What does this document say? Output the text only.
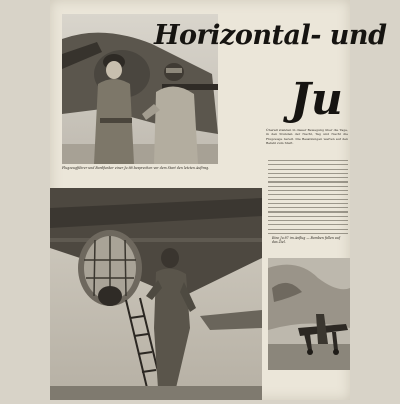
Flugzeugführer und Bordfunker einer Ju 88 besprechen vor dem Start den letzten Auftrag.
Horizontal- und
Ju
Überall standen in dieser Bewegung über die Tage, in den Stunden der Nacht, Tag und Nacht die Flugzeuge bereit. Die Besatzungen warten auf den Befehl zum Start.
Eine Ju 87 im Anflug — Bomben fallen auf das Ziel.
